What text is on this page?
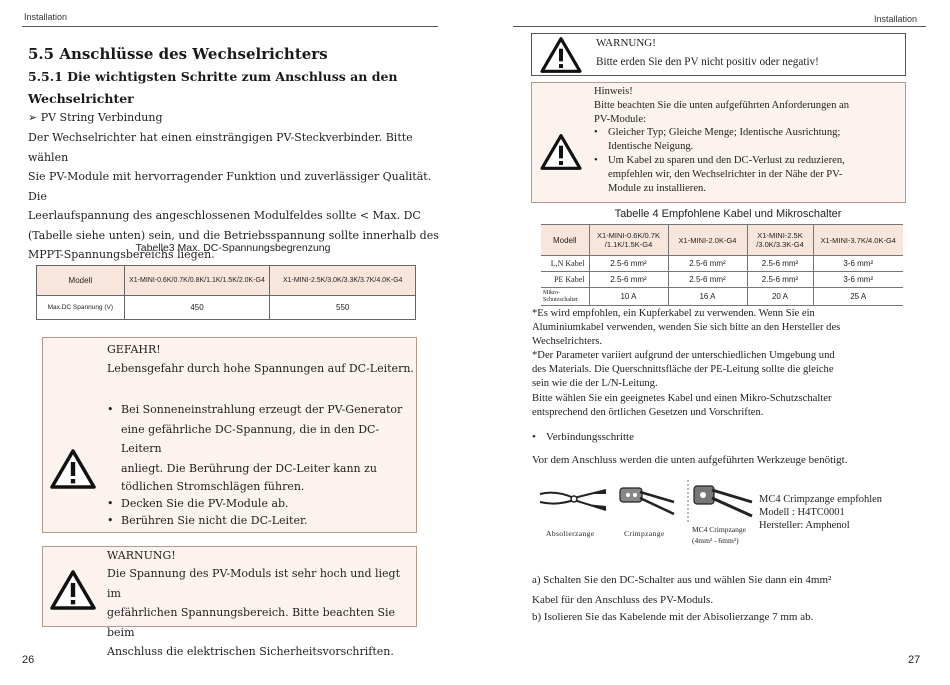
Installation
5.5 Anschlüsse des Wechselrichters
5.5.1 Die wichtigsten Schritte zum Anschluss an den Wechselrichter
➢ PV String Verbindung
Der Wechselrichter hat einen einsträngigen PV-Steckverbinder. Bitte wählen
Sie PV-Module mit hervorragender Funktion und zuverlässiger Qualität. Die
Leerlaufspannung des angeschlossenen Modulfeldes sollte < Max. DC
(Tabelle siehe unten) sein, und die Betriebsspannung sollte innerhalb des
MPPT-Spannungsbereichs liegen.
Tabelle3 Max. DC-Spannungsbegrenzung
Modell	X1-MINI-0.6K/0.7K/0.8K/1.1K/1.5K/2.0K-G4	X1-MINI-2.5K/3.0K/3.3K/3.7K/4.0K-G4
Max.DC Spannung (V)	450	550
GEFAHR!
Lebensgefahr durch hohe Spannungen auf DC-Leitern.
• Bei Sonneneinstrahlung erzeugt der PV-Generator
eine gefährliche DC-Spannung, die in den DC-Leitern
anliegt. Die Berührung der DC-Leiter kann zu
tödlichen Stromschlägen führen.
• Decken Sie die PV-Module ab.
• Berühren Sie nicht die DC-Leiter.
WARNUNG!
Die Spannung des PV-Moduls ist sehr hoch und liegt im
gefährlichen Spannungsbereich. Bitte beachten Sie beim
Anschluss die elektrischen Sicherheitsvorschriften.
26
Installation
WARNUNG!
Bitte erden Sie den PV nicht positiv oder negativ!
Hinweis!
Bitte beachten Sie die unten aufgeführten Anforderungen an
PV-Module:
• Gleicher Typ; Gleiche Menge; Identische Ausrichtung;
Identische Neigung.
• Um Kabel zu sparen und den DC-Verlust zu reduzieren,
empfehlen wir, den Wechselrichter in der Nähe der PV-
Module zu installieren.
Tabelle 4 Empfohlene Kabel und Mikroschalter
Modell	X1-MINI-0.6K/0.7K /1.1K/1.5K-G4	X1-MINI-2.0K-G4	X1-MINI-2.5K /3.0K/3.3K-G4	X1-MINI-3.7K/4.0K-G4
L,N Kabel	2.5-6 mm²	2.5-6 mm²	2.5-6 mm²	3-6 mm²
PE Kabel	2.5-6 mm²	2.5-6 mm²	2.5-6 mm²	3-6 mm²
Mikro-Schutzschalter	10 A	16 A	20 A	25 A
*Es wird empfohlen, ein Kupferkabel zu verwenden. Wenn Sie ein
Aluminiumkabel verwenden, wenden Sie sich bitte an den Hersteller des
Wechselrichters.
*Der Parameter variiert aufgrund der unterschiedlichen Umgebung und
des Materials. Die Querschnittsfläche der PE-Leitung sollte die gleiche
sein wie die der L/N-Leitung.
Bitte wählen Sie ein geeignetes Kabel und einen Mikro-Schutzschalter
entsprechend den örtlichen Gesetzen und Vorschriften.
• Verbindungsschritte
Vor dem Anschluss werden die unten aufgeführten Werkzeuge benötigt.
Absolierzange	Crimpzange	MC4 Crimpzange
(4mm² - 6mm²)
MC4 Crimpzange empfohlen
Modell : H4TC0001
Hersteller: Amphenol
a) Schalten Sie den DC-Schalter aus und wählen Sie dann ein 4mm²
Kabel für den Anschluss des PV-Moduls.
b) Isolieren Sie das Kabelende mit der Abisolierzange 7 mm ab.
27
